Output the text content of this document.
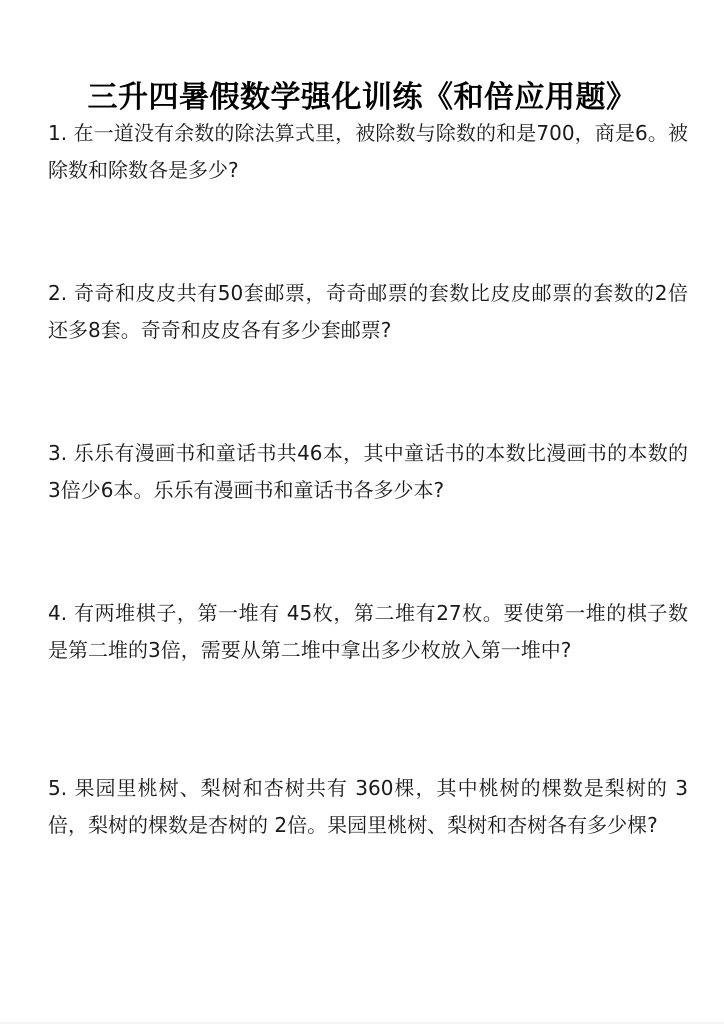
三升四暑假数学强化训练《和倍应用题》

1. 在一道没有余数的除法算式里，被除数与除数的和是700，商是6。被除数和除数各是多少?

2. 奇奇和皮皮共有50套邮票，奇奇邮票的套数比皮皮邮票的套数的2倍还多8套。奇奇和皮皮各有多少套邮票?

3. 乐乐有漫画书和童话书共46本，其中童话书的本数比漫画书的本数的 3倍少6本。乐乐有漫画书和童话书各多少本?

4. 有两堆棋子，第一堆有 45枚，第二堆有27枚。要使第一堆的棋子数是第二堆的3倍，需要从第二堆中拿出多少枚放入第一堆中?

5. 果园里桃树、梨树和杏树共有 360棵，其中桃树的棵数是梨树的 3倍，梨树的棵数是杏树的 2倍。果园里桃树、梨树和杏树各有多少棵?
